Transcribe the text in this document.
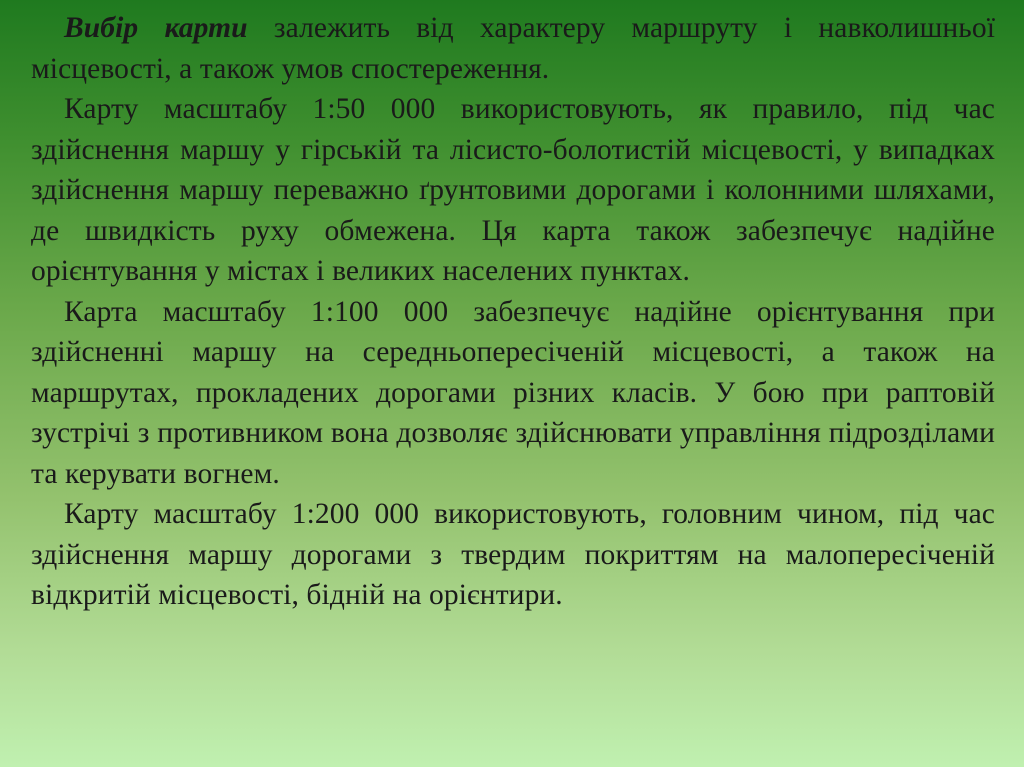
Вибір карти залежить від характеру маршруту і навколишньої місцевості, а також умов спостереження.

Карту масштабу 1:50 000 використовують, як правило, під час здійснення маршу у гірській та лісисто-болотистій місцевості, у випадках здійснення маршу переважно ґрунтовими дорогами і колонними шляхами, де швидкість руху обмежена. Ця карта також забезпечує надійне орієнтування у містах і великих населених пунктах.

Карта масштабу 1:100 000 забезпечує надійне орієнтування при здійсненні маршу на середньопересіченій місцевості, а також на маршрутах, прокладених дорогами різних класів. У бою при раптовій зустрічі з противником вона дозволяє здійснювати управління підрозділами та керувати вогнем.

Карту масштабу 1:200 000 використовують, головним чином, під час здійснення маршу дорогами з твердим покриттям на малопересіченій відкритій місцевості, бідній на орієнтири.
